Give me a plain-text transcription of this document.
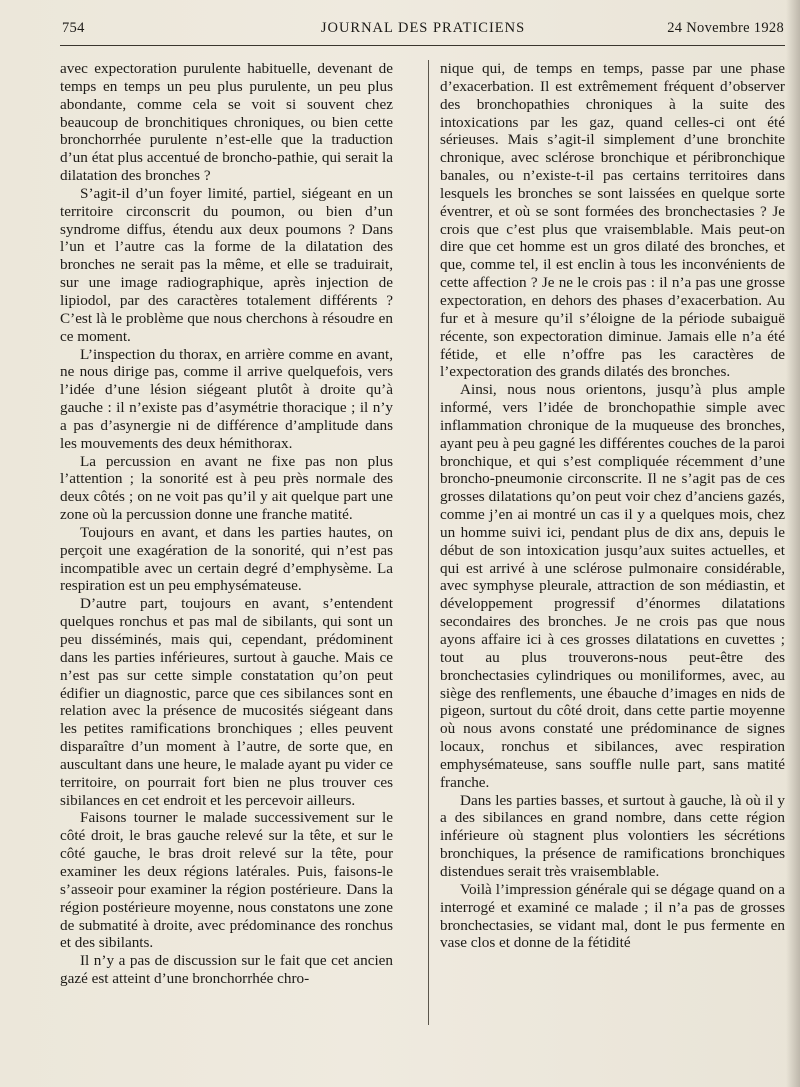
754	JOURNAL DES PRATICIENS	24 Novembre 1928

avec expectoration purulente habituelle, devenant de temps en temps un peu plus purulente, un peu plus abondante, comme cela se voit si souvent chez beaucoup de bronchitiques chroniques, ou bien cette bronchorrhée purulente n’est-elle que la traduction d’un état plus accentué de broncho-pathie, qui serait la dilatation des bronches ?

S’agit-il d’un foyer limité, partiel, siégeant en un territoire circonscrit du poumon, ou bien d’un syndrome diffus, étendu aux deux poumons ? Dans l’un et l’autre cas la forme de la dilatation des bronches ne serait pas la même, et elle se traduirait, sur une image radiographique, après injection de lipiodol, par des caractères totalement différents ? C’est là le problème que nous cherchons à résoudre en ce moment.

L’inspection du thorax, en arrière comme en avant, ne nous dirige pas, comme il arrive quelquefois, vers l’idée d’une lésion siégeant plutôt à droite qu’à gauche : il n’existe pas d’asymétrie thoracique ; il n’y a pas d’asynergie ni de différence d’amplitude dans les mouvements des deux hémithorax.

La percussion en avant ne fixe pas non plus l’attention ; la sonorité est à peu près normale des deux côtés ; on ne voit pas qu’il y ait quelque part une zone où la percussion donne une franche matité.

Toujours en avant, et dans les parties hautes, on perçoit une exagération de la sonorité, qui n’est pas incompatible avec un certain degré d’emphysème. La respiration est un peu emphysémateuse.

D’autre part, toujours en avant, s’entendent quelques ronchus et pas mal de sibilants, qui sont un peu disséminés, mais qui, cependant, prédominent dans les parties inférieures, surtout à gauche. Mais ce n’est pas sur cette simple constatation qu’on peut édifier un diagnostic, parce que ces sibilances sont en relation avec la présence de mucosités siégeant dans les petites ramifications bronchiques ; elles peuvent disparaître d’un moment à l’autre, de sorte que, en auscultant dans une heure, le malade ayant pu vider ce territoire, on pourrait fort bien ne plus trouver ces sibilances en cet endroit et les percevoir ailleurs.

Faisons tourner le malade successivement sur le côté droit, le bras gauche relevé sur la tête, et sur le côté gauche, le bras droit relevé sur la tête, pour examiner les deux régions latérales. Puis, faisons-le s’asseoir pour examiner la région postérieure. Dans la région postérieure moyenne, nous constatons une zone de submatité à droite, avec prédominance des ronchus et des sibilants.

Il n’y a pas de discussion sur le fait que cet ancien gazé est atteint d’une bronchorrhée chro-

nique qui, de temps en temps, passe par une phase d’exacerbation. Il est extrêmement fréquent d’observer des bronchopathies chroniques à la suite des intoxications par les gaz, quand celles-ci ont été sérieuses. Mais s’agit-il simplement d’une bronchite chronique, avec sclérose bronchique et péribronchique banales, ou n’existe-t-il pas certains territoires dans lesquels les bronches se sont laissées en quelque sorte éventrer, et où se sont formées des bronchectasies ? Je crois que c’est plus que vraisemblable. Mais peut-on dire que cet homme est un gros dilaté des bronches, et que, comme tel, il est enclin à tous les inconvénients de cette affection ? Je ne le crois pas : il n’a pas une grosse expectoration, en dehors des phases d’exacerbation. Au fur et à mesure qu’il s’éloigne de la période subaiguë récente, son expectoration diminue. Jamais elle n’a été fétide, et elle n’offre pas les caractères de l’expectoration des grands dilatés des bronches.

Ainsi, nous nous orientons, jusqu’à plus ample informé, vers l’idée de bronchopathie simple avec inflammation chronique de la muqueuse des bronches, ayant peu à peu gagné les différentes couches de la paroi bronchique, et qui s’est compliquée récemment d’une broncho-pneumonie circonscrite. Il ne s’agit pas de ces grosses dilatations qu’on peut voir chez d’anciens gazés, comme j’en ai montré un cas il y a quelques mois, chez un homme suivi ici, pendant plus de dix ans, depuis le début de son intoxication jusqu’aux suites actuelles, et qui est arrivé à une sclérose pulmonaire considérable, avec symphyse pleurale, attraction de son médiastin, et développement progressif d’énormes dilatations secondaires des bronches. Je ne crois pas que nous ayons affaire ici à ces grosses dilatations en cuvettes ; tout au plus trouverons-nous peut-être des bronchectasies cylindriques ou moniliformes, avec, au siège des renflements, une ébauche d’images en nids de pigeon, surtout du côté droit, dans cette partie moyenne où nous avons constaté une prédominance de signes locaux, ronchus et sibilances, avec respiration emphysémateuse, sans souffle nulle part, sans matité franche.

Dans les parties basses, et surtout à gauche, là où il y a des sibilances en grand nombre, dans cette région inférieure où stagnent plus volontiers les sécrétions bronchiques, la présence de ramifications bronchiques distendues serait très vraisemblable.

Voilà l’impression générale qui se dégage quand on a interrogé et examiné ce malade ; il n’a pas de grosses bronchectasies, se vidant mal, dont le pus fermente en vase clos et donne de la fétidité
